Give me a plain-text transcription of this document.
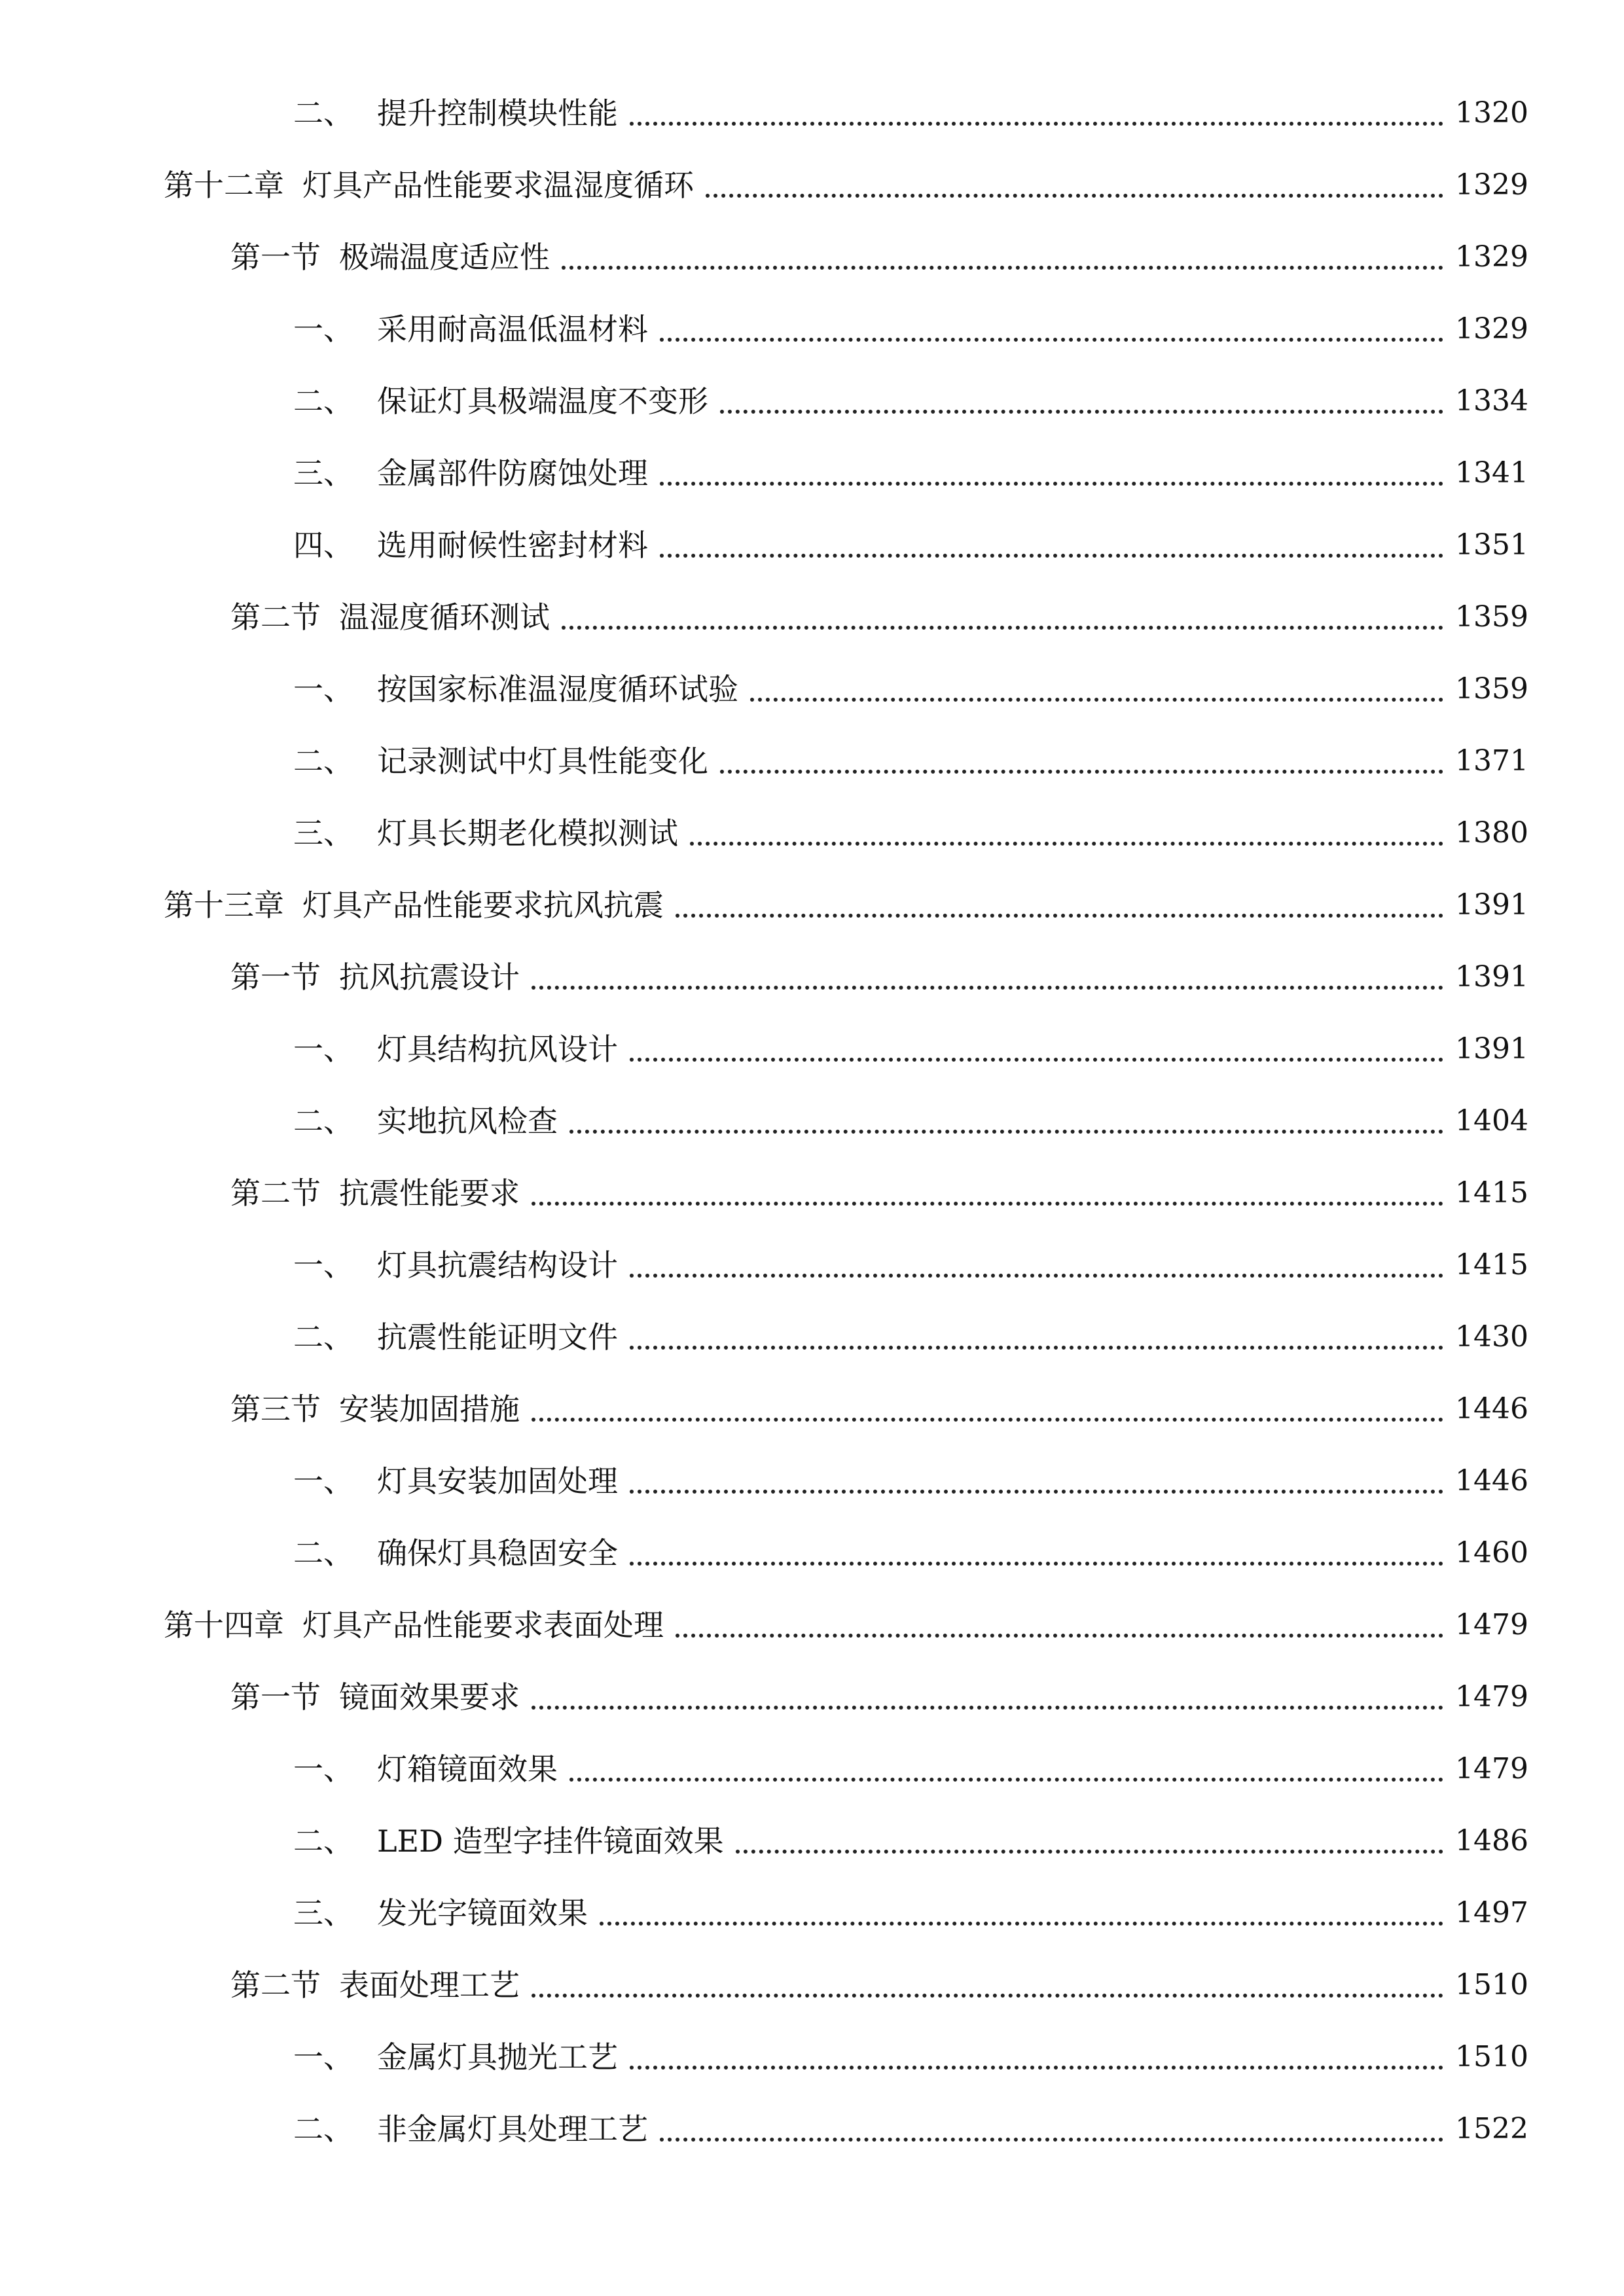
二、 提升控制模块性能	1320
第十二章 灯具产品性能要求温湿度循环	1329
第一节 极端温度适应性	1329
一、 采用耐高温低温材料	1329
二、 保证灯具极端温度不变形	1334
三、 金属部件防腐蚀处理	1341
四、 选用耐候性密封材料	1351
第二节 温湿度循环测试	1359
一、 按国家标准温湿度循环试验	1359
二、 记录测试中灯具性能变化	1371
三、 灯具长期老化模拟测试	1380
第十三章 灯具产品性能要求抗风抗震	1391
第一节 抗风抗震设计	1391
一、 灯具结构抗风设计	1391
二、 实地抗风检查	1404
第二节 抗震性能要求	1415
一、 灯具抗震结构设计	1415
二、 抗震性能证明文件	1430
第三节 安装加固措施	1446
一、 灯具安装加固处理	1446
二、 确保灯具稳固安全	1460
第十四章 灯具产品性能要求表面处理	1479
第一节 镜面效果要求	1479
一、 灯箱镜面效果	1479
二、 LED 造型字挂件镜面效果	1486
三、 发光字镜面效果	1497
第二节 表面处理工艺	1510
一、 金属灯具抛光工艺	1510
二、 非金属灯具处理工艺	1522
